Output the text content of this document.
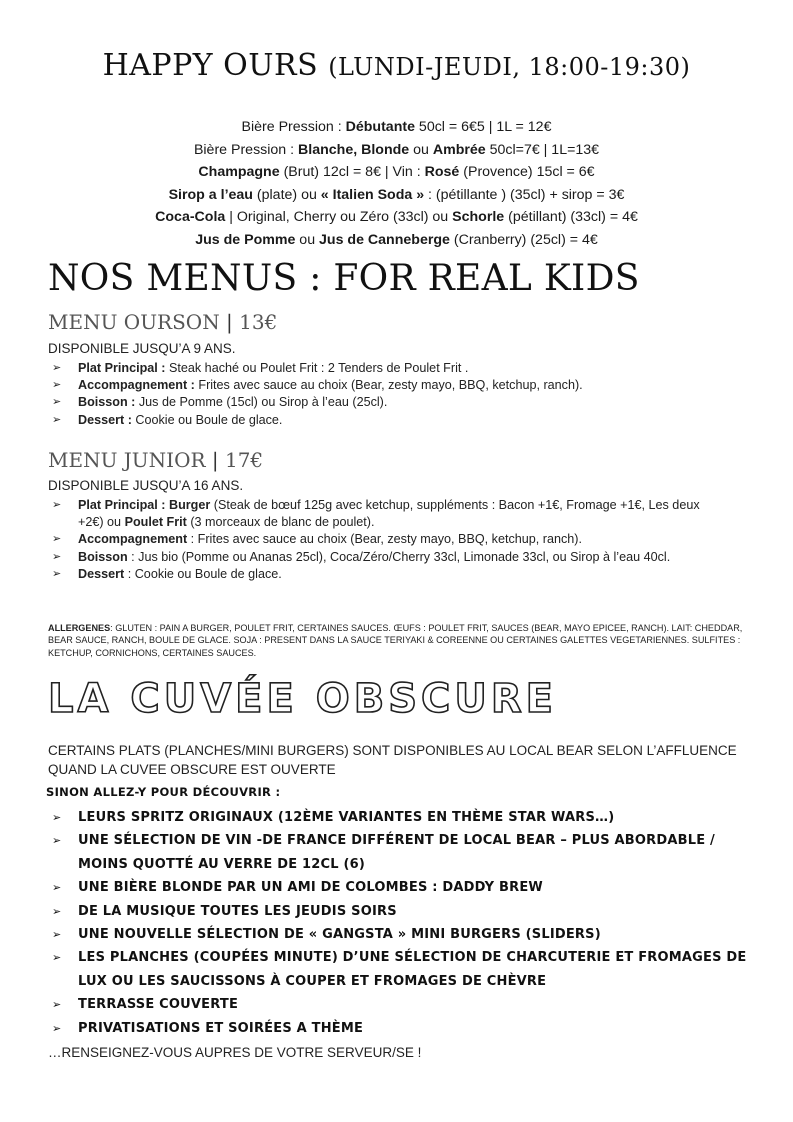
HAPPY OURS (LUNDI-JEUDI, 18:00-19:30)
Bière Pression : Débutante 50cl = 6€5 | 1L = 12€
Bière Pression : Blanche, Blonde ou Ambrée 50cl=7€ | 1L=13€
Champagne (Brut) 12cl = 8€ | Vin : Rosé (Provence) 15cl = 6€
Sirop a l’eau (plate) ou « Italien Soda » : (pétillante ) (35cl) + sirop = 3€
Coca-Cola | Original, Cherry ou Zéro (33cl) ou Schorle (pétillant) (33cl) = 4€
Jus de Pomme ou Jus de Canneberge (Cranberry) (25cl) = 4€
NOS MENUS : FOR REAL KIDS
MENU OURSON | 13€
DISPONIBLE JUSQU’A 9 ANS.
➢ Plat Principal : Steak haché ou Poulet Frit : 2 Tenders de Poulet Frit .
➢ Accompagnement : Frites avec sauce au choix (Bear, zesty mayo, BBQ, ketchup, ranch).
➢ Boisson : Jus de Pomme (15cl) ou Sirop à l’eau (25cl).
➢ Dessert : Cookie ou Boule de glace.
MENU JUNIOR | 17€
DISPONIBLE JUSQU’A 16 ANS.
➢ Plat Principal : Burger (Steak de bœuf 125g avec ketchup, suppléments : Bacon +1€, Fromage +1€, Les deux +2€) ou Poulet Frit (3 morceaux de blanc de poulet).
➢ Accompagnement : Frites avec sauce au choix (Bear, zesty mayo, BBQ, ketchup, ranch).
➢ Boisson : Jus bio (Pomme ou Ananas 25cl), Coca/Zéro/Cherry 33cl, Limonade 33cl, ou Sirop à l’eau 40cl.
➢ Dessert : Cookie ou Boule de glace.
ALLERGENES: GLUTEN : PAIN A BURGER, POULET FRIT, CERTAINES SAUCES. ŒUFS : POULET FRIT, SAUCES (BEAR, MAYO EPICEE, RANCH). LAIT: CHEDDAR, BEAR SAUCE, RANCH, BOULE DE GLACE. SOJA : PRESENT DANS LA SAUCE TERIYAKI & COREENNE OU CERTAINES GALETTES VEGETARIENNES. SULFITES : KETCHUP, CORNICHONS, CERTAINES SAUCES.
LA CUVÉE OBSCURE
CERTAINS PLATS (PLANCHES/MINI BURGERS) SONT DISPONIBLES AU LOCAL BEAR SELON L’AFFLUENCE QUAND LA CUVEE OBSCURE EST OUVERTE
SINON ALLEZ-Y POUR DÉCOUVRIR :
➢ LEURS SPRITZ ORIGINAUX (12ÈME VARIANTES EN THÈME STAR WARS…)
➢ UNE SÉLECTION DE VIN -DE FRANCE DIFFÉRENT DE LOCAL BEAR – PLUS ABORDABLE / MOINS QUOTTÉ AU VERRE DE 12CL (6)
➢ UNE BIÈRE BLONDE PAR UN AMI DE COLOMBES : DADDY BREW
➢ DE LA MUSIQUE TOUTES LES JEUDIS SOIRS
➢ UNE NOUVELLE SÉLECTION DE « GANGSTA » MINI BURGERS (SLIDERS)
➢ LES PLANCHES (COUPÉES MINUTE) D’UNE SÉLECTION DE CHARCUTERIE ET FROMAGES DE LUX OU LES SAUCISSONS À COUPER ET FROMAGES DE CHÈVRE
➢ TERRASSE COUVERTE
➢ PRIVATISATIONS ET SOIRÉES A THÈME
…RENSEIGNEZ-VOUS AUPRES DE VOTRE SERVEUR/SE !
